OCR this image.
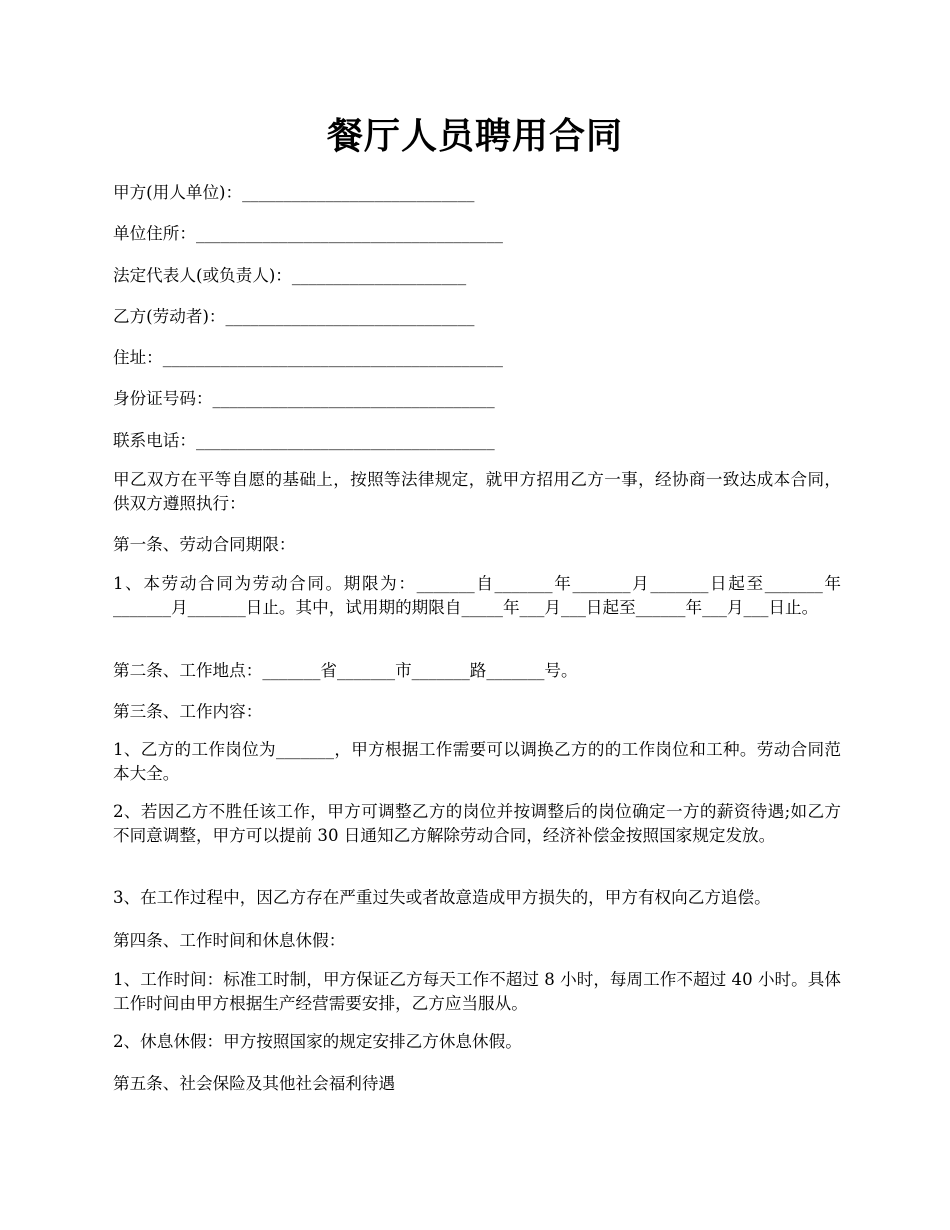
餐厅人员聘用合同
甲方(用人单位)：____________________________
单位住所：_____________________________________
法定代表人(或负责人)：_____________________
乙方(劳动者)：______________________________
住址：_________________________________________
身份证号码：__________________________________
联系电话：____________________________________
甲乙双方在平等自愿的基础上，按照等法律规定，就甲方招用乙方一事，经协商一致达成本合同，供双方遵照执行：
第一条、劳动合同期限：
1、本劳动合同为劳动合同。期限为：_______自_______年_______月_______日起至_______年_______月_______日止。其中，试用期的期限自_____年___月___日起至______年___月___日止。
第二条、工作地点：_______省_______市_______路_______号。
第三条、工作内容：
1、乙方的工作岗位为_______，甲方根据工作需要可以调换乙方的的工作岗位和工种。劳动合同范本大全。
2、若因乙方不胜任该工作，甲方可调整乙方的岗位并按调整后的岗位确定一方的薪资待遇;如乙方不同意调整，甲方可以提前 30 日通知乙方解除劳动合同，经济补偿金按照国家规定发放。
3、在工作过程中，因乙方存在严重过失或者故意造成甲方损失的，甲方有权向乙方追偿。
第四条、工作时间和休息休假：
1、工作时间：标准工时制，甲方保证乙方每天工作不超过 8 小时，每周工作不超过 40 小时。具体工作时间由甲方根据生产经营需要安排，乙方应当服从。
2、休息休假：甲方按照国家的规定安排乙方休息休假。
第五条、社会保险及其他社会福利待遇
